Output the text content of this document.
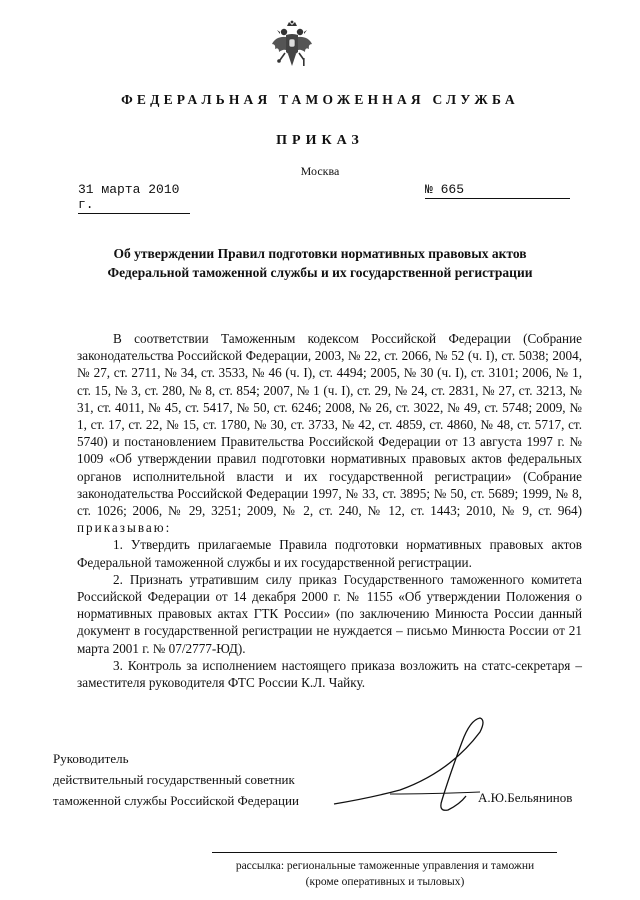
ФЕДЕРАЛЬНАЯ ТАМОЖЕННАЯ СЛУЖБА
ПРИКАЗ
Москва
31 марта 2010 г.
№ 665
Об утверждении Правил подготовки нормативных правовых актов
Федеральной таможенной службы и их государственной регистрации

В соответствии Таможенным кодексом Российской Федерации (Собрание законодательства Российской Федерации, 2003, № 22, ст. 2066, № 52 (ч. I), ст. 5038; 2004, № 27, ст. 2711, № 34, ст. 3533, № 46 (ч. I), ст. 4494; 2005, № 30 (ч. I), ст. 3101; 2006, № 1, ст. 15, № 3, ст. 280, № 8, ст. 854; 2007, № 1 (ч. I), ст. 29, № 24, ст. 2831, № 27, ст. 3213, № 31, ст. 4011, № 45, ст. 5417, № 50, ст. 6246; 2008, № 26, ст. 3022, № 49, ст. 5748; 2009, № 1, ст. 17, ст. 22, № 15, ст. 1780, № 30, ст. 3733, № 42, ст. 4859, ст. 4860, № 48, ст. 5717, ст. 5740) и постановлением Правительства Российской Федерации от 13 августа 1997 г. № 1009 «Об утверждении правил подготовки нормативных правовых актов федеральных органов исполнительной власти и их государственной регистрации» (Собрание законодательства Российской Федерации 1997, № 33, ст. 3895; № 50, ст. 5689; 1999, № 8, ст. 1026; 2006, № 29, 3251; 2009, № 2, ст. 240, № 12, ст. 1443; 2010, № 9, ст. 964) приказываю:

1. Утвердить прилагаемые Правила подготовки нормативных правовых актов Федеральной таможенной службы и их государственной регистрации.

2. Признать утратившим силу приказ Государственного таможенного комитета Российской Федерации от 14 декабря 2000 г. № 1155 «Об утверждении Положения о нормативных правовых актах ГТК России» (по заключению Минюста России данный документ в государственной регистрации не нуждается – письмо Минюста России от 21 марта 2001 г. № 07/2777-ЮД).

3. Контроль за исполнением настоящего приказа возложить на статс-секретаря – заместителя руководителя ФТС России К.Л. Чайку.

Руководитель
действительный государственный советник
таможенной службы Российской Федерации	А.Ю.Бельянинов
рассылка: региональные таможенные управления и таможни
(кроме оперативных и тыловых)
